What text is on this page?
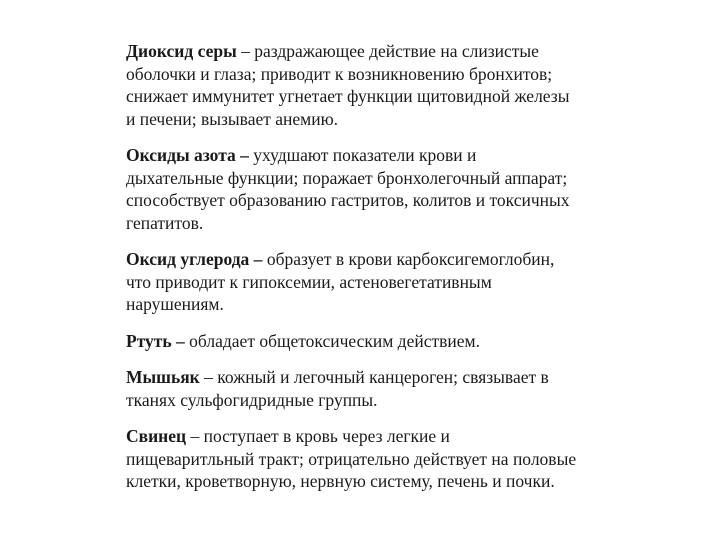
Диоксид серы – раздражающее действие на слизистые
оболочки и глаза; приводит к возникновению бронхитов;
снижает иммунитет угнетает функции щитовидной железы
и печени; вызывает анемию.

Оксиды азота – ухудшают показатели крови и
дыхательные функции; поражает бронхолегочный аппарат;
способствует образованию гастритов, колитов и токсичных
гепатитов.

Оксид углерода – образует в крови карбоксигемоглобин,
что приводит к гипоксемии, астеновегетативным
нарушениям.

Ртуть – обладает общетоксическим действием.

Мышьяк – кожный и легочный канцероген; связывает в
тканях сульфогидридные группы.

Свинец – поступает в кровь через легкие и
пищеваритльный тракт; отрицательно действует на половые
клетки, кроветворную, нервную систему, печень и почки.
